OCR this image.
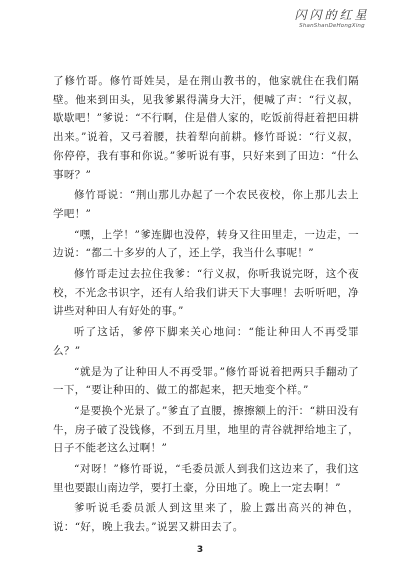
闪闪的红星
ShanShanDeHongXing

了修竹哥。修竹哥姓吴，是在荆山教书的，他家就住在我们隔壁。他来到田头，见我爹累得满身大汗，便喊了声：“行义叔，歇歇吧！”爹说：“不行啊，住是借人家的，吃饭前得赶着把田耕出来。”说着，又弓着腰，扶着犁向前耕。修竹哥说：“行义叔，你停停，我有事和你说。”爹听说有事，只好来到了田边：“什么事呀？”

修竹哥说：“荆山那儿办起了一个农民夜校，你上那儿去上学吧！”

“嘿，上学！”爹连脚也没停，转身又往田里走，一边走，一边说：“都二十多岁的人了，还上学，我当什么事呢！”

修竹哥走过去拉住我爹：“行义叔，你听我说完呀，这个夜校，不光念书识字，还有人给我们讲天下大事哩！去听听吧，净讲些对种田人有好处的事。”

听了这话，爹停下脚来关心地问：“能让种田人不再受罪么？”

“就是为了让种田人不再受罪。”修竹哥说着把两只手翻动了一下，“要让种田的、做工的都起来，把天地变个样。”

“是要换个光景了。”爹直了直腰，擦擦额上的汗：“耕田没有牛，房子破了没钱修，不到五月里，地里的青谷就押给地主了，日子不能老这么过啊！”

“对呀！”修竹哥说，“毛委员派人到我们这边来了，我们这里也要跟山南边学，要打土豪，分田地了。晚上一定去啊！”

爹听说毛委员派人到这里来了，脸上露出高兴的神色，说：“好，晚上我去。”说罢又耕田去了。

3
